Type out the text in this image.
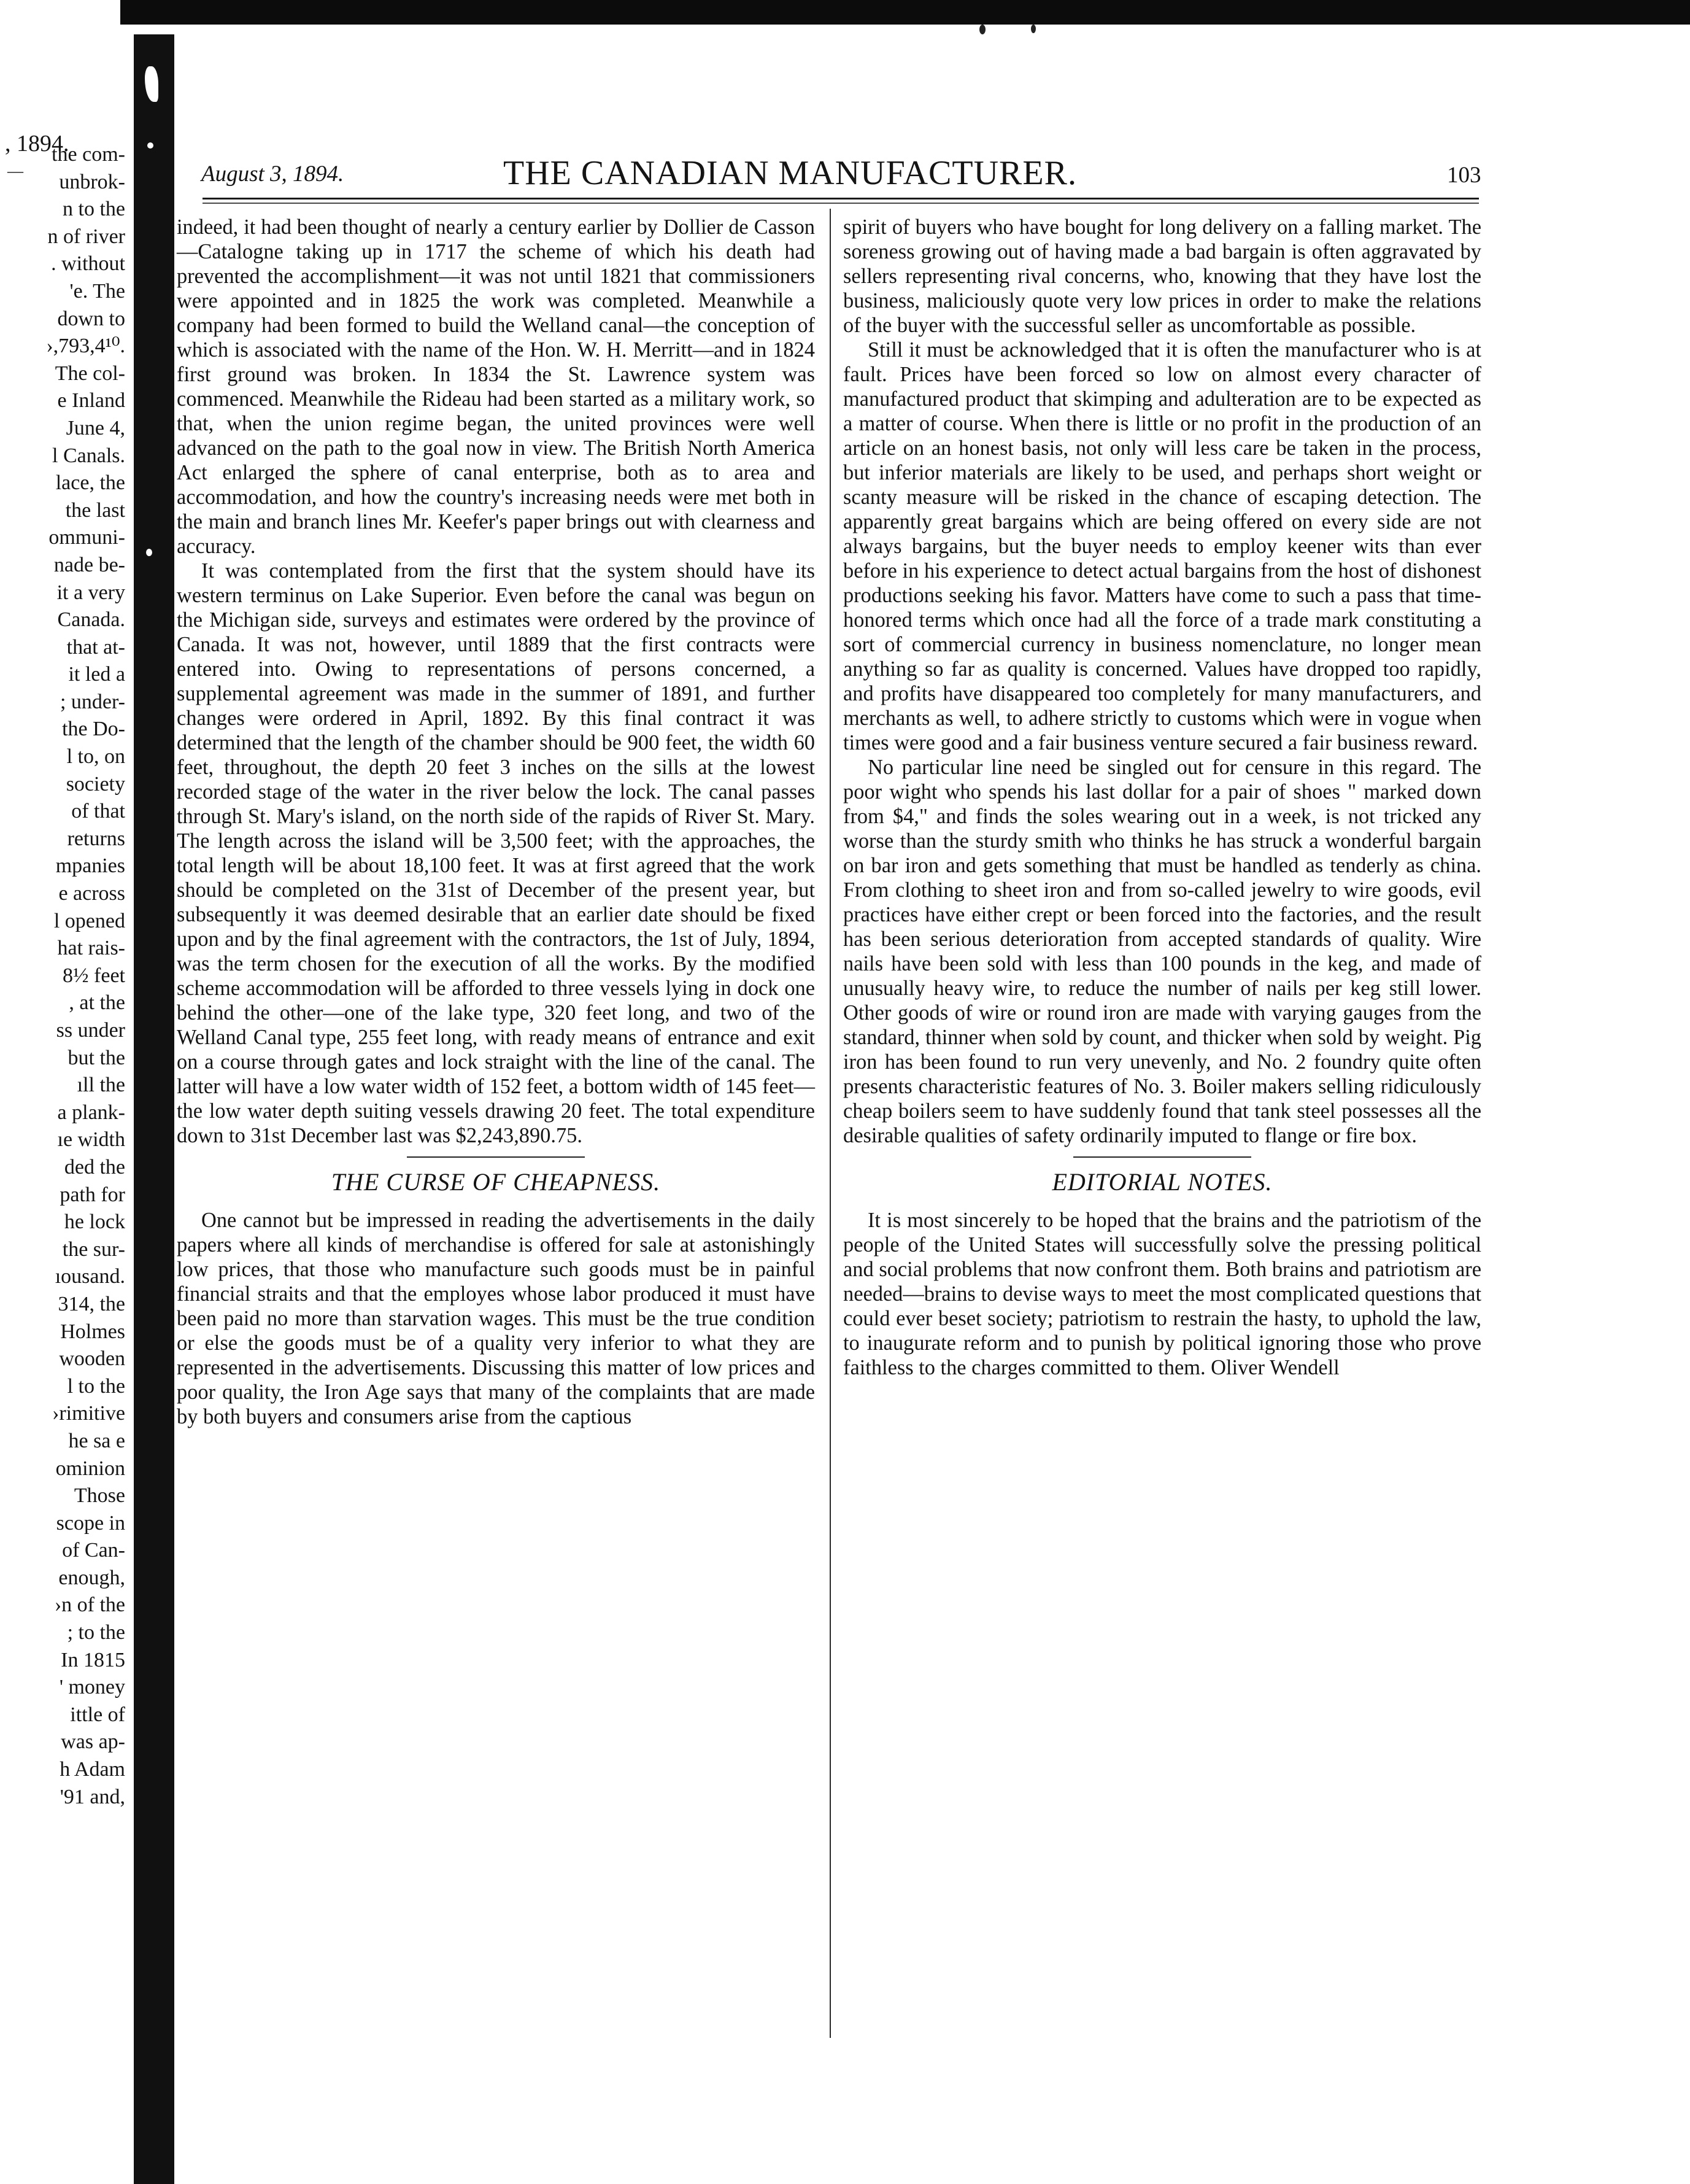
, 1894.
—
the com-
unbrok-
n to the
n of river
. without
'e. The
down to
›,793,4¹⁰.
The col-
e Inland
June 4,
l Canals.
lace, the
the last
ommuni-
nade be-
it a very
Canada.
that at-
it led a
; under-
the Do-
l to, on
society
of that
returns
mpanies
e across
l opened
hat rais-
8½ feet
, at the
ss under
but the
ıll the
a plank-
ıe width
ded the
path for
he lock
the sur-
ıousand.
314, the
Holmes
wooden
l to the
›rimitive
he sa e
ominion
Those
scope in
of Can-
enough,
›n of the
; to the
In 1815
' money
ittle of
was ap-
h Adam
'91 and,
August 3, 1894.	THE CANADIAN MANUFACTURER.	103

indeed, it had been thought of nearly a century earlier by Dollier de Casson—Catalogne taking up in 1717 the scheme of which his death had prevented the accomplishment—it was not until 1821 that commissioners were appointed and in 1825 the work was completed. Meanwhile a company had been formed to build the Welland canal—the conception of which is associated with the name of the Hon. W. H. Merritt—and in 1824 first ground was broken. In 1834 the St. Lawrence system was commenced. Meanwhile the Rideau had been started as a military work, so that, when the union regime began, the united provinces were well advanced on the path to the goal now in view. The British North America Act enlarged the sphere of canal enterprise, both as to area and accommodation, and how the country's increasing needs were met both in the main and branch lines Mr. Keefer's paper brings out with clearness and accuracy.

It was contemplated from the first that the system should have its western terminus on Lake Superior. Even before the canal was begun on the Michigan side, surveys and estimates were ordered by the province of Canada. It was not, however, until 1889 that the first contracts were entered into. Owing to representations of persons concerned, a supplemental agreement was made in the summer of 1891, and further changes were ordered in April, 1892. By this final contract it was determined that the length of the chamber should be 900 feet, the width 60 feet, throughout, the depth 20 feet 3 inches on the sills at the lowest recorded stage of the water in the river below the lock. The canal passes through St. Mary's island, on the north side of the rapids of River St. Mary. The length across the island will be 3,500 feet; with the approaches, the total length will be about 18,100 feet. It was at first agreed that the work should be completed on the 31st of December of the present year, but subsequently it was deemed desirable that an earlier date should be fixed upon and by the final agreement with the contractors, the 1st of July, 1894, was the term chosen for the execution of all the works. By the modified scheme accommodation will be afforded to three vessels lying in dock one behind the other—one of the lake type, 320 feet long, and two of the Welland Canal type, 255 feet long, with ready means of entrance and exit on a course through gates and lock straight with the line of the canal. The latter will have a low water width of 152 feet, a bottom width of 145 feet—the low water depth suiting vessels drawing 20 feet. The total expenditure down to 31st December last was $2,243,890.75.

THE CURSE OF CHEAPNESS.

One cannot but be impressed in reading the advertisements in the daily papers where all kinds of merchandise is offered for sale at astonishingly low prices, that those who manufacture such goods must be in painful financial straits and that the employes whose labor produced it must have been paid no more than starvation wages. This must be the true condition or else the goods must be of a quality very inferior to what they are represented in the advertisements. Discussing this matter of low prices and poor quality, the Iron Age says that many of the complaints that are made by both buyers and consumers arise from the captious

spirit of buyers who have bought for long delivery on a falling market. The soreness growing out of having made a bad bargain is often aggravated by sellers representing rival concerns, who, knowing that they have lost the business, maliciously quote very low prices in order to make the relations of the buyer with the successful seller as uncomfortable as possible.

Still it must be acknowledged that it is often the manufacturer who is at fault. Prices have been forced so low on almost every character of manufactured product that skimping and adulteration are to be expected as a matter of course. When there is little or no profit in the production of an article on an honest basis, not only will less care be taken in the process, but inferior materials are likely to be used, and perhaps short weight or scanty measure will be risked in the chance of escaping detection. The apparently great bargains which are being offered on every side are not always bargains, but the buyer needs to employ keener wits than ever before in his experience to detect actual bargains from the host of dishonest productions seeking his favor. Matters have come to such a pass that time-honored terms which once had all the force of a trade mark constituting a sort of commercial currency in business nomenclature, no longer mean anything so far as quality is concerned. Values have dropped too rapidly, and profits have disappeared too completely for many manufacturers, and merchants as well, to adhere strictly to customs which were in vogue when times were good and a fair business venture secured a fair business reward.

No particular line need be singled out for censure in this regard. The poor wight who spends his last dollar for a pair of shoes " marked down from $4," and finds the soles wearing out in a week, is not tricked any worse than the sturdy smith who thinks he has struck a wonderful bargain on bar iron and gets something that must be handled as tenderly as china. From clothing to sheet iron and from so-called jewelry to wire goods, evil practices have either crept or been forced into the factories, and the result has been serious deterioration from accepted standards of quality. Wire nails have been sold with less than 100 pounds in the keg, and made of unusually heavy wire, to reduce the number of nails per keg still lower. Other goods of wire or round iron are made with varying gauges from the standard, thinner when sold by count, and thicker when sold by weight. Pig iron has been found to run very unevenly, and No. 2 foundry quite often presents characteristic features of No. 3. Boiler makers selling ridiculously cheap boilers seem to have suddenly found that tank steel possesses all the desirable qualities of safety ordinarily imputed to flange or fire box.

EDITORIAL NOTES.

It is most sincerely to be hoped that the brains and the patriotism of the people of the United States will successfully solve the pressing political and social problems that now confront them. Both brains and patriotism are needed—brains to devise ways to meet the most complicated questions that could ever beset society; patriotism to restrain the hasty, to uphold the law, to inaugurate reform and to punish by political ignoring those who prove faithless to the charges committed to them. Oliver Wendell
